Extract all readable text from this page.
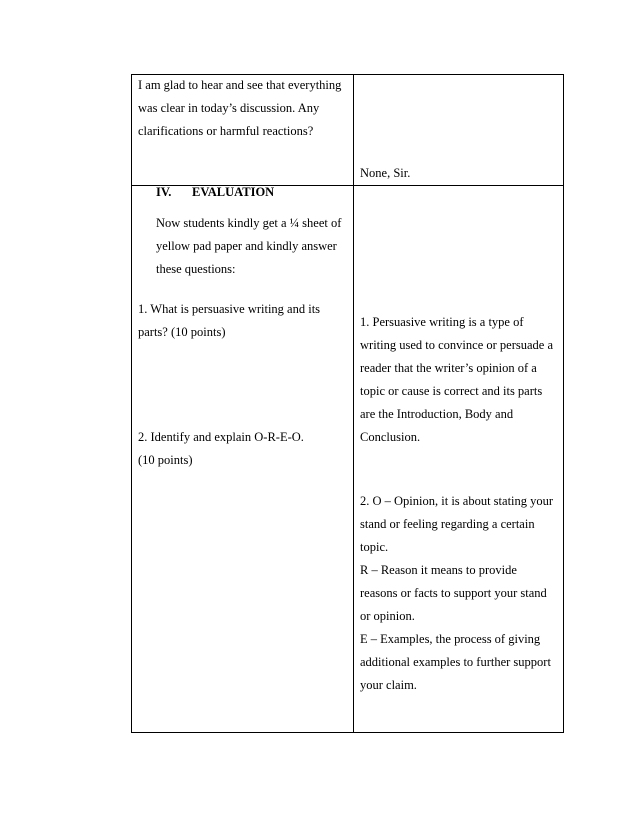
I am glad to hear and see that everything
was clear in today’s discussion. Any
clarifications or harmful reactions?
None, Sir.
IV. EVALUATION
Now students kindly get a ¼ sheet of
yellow pad paper and kindly answer
these questions:
1. What is persuasive writing and its
parts? (10 points)
2. Identify and explain O-R-E-O.
(10 points)
1. Persuasive writing is a type of
writing used to convince or persuade a
reader that the writer’s opinion of a
topic or cause is correct and its parts
are the Introduction, Body and
Conclusion.
2. O – Opinion, it is about stating your
stand or feeling regarding a certain
topic.
R – Reason it means to provide
reasons or facts to support your stand
or opinion.
E – Examples, the process of giving
additional examples to further support
your claim.
